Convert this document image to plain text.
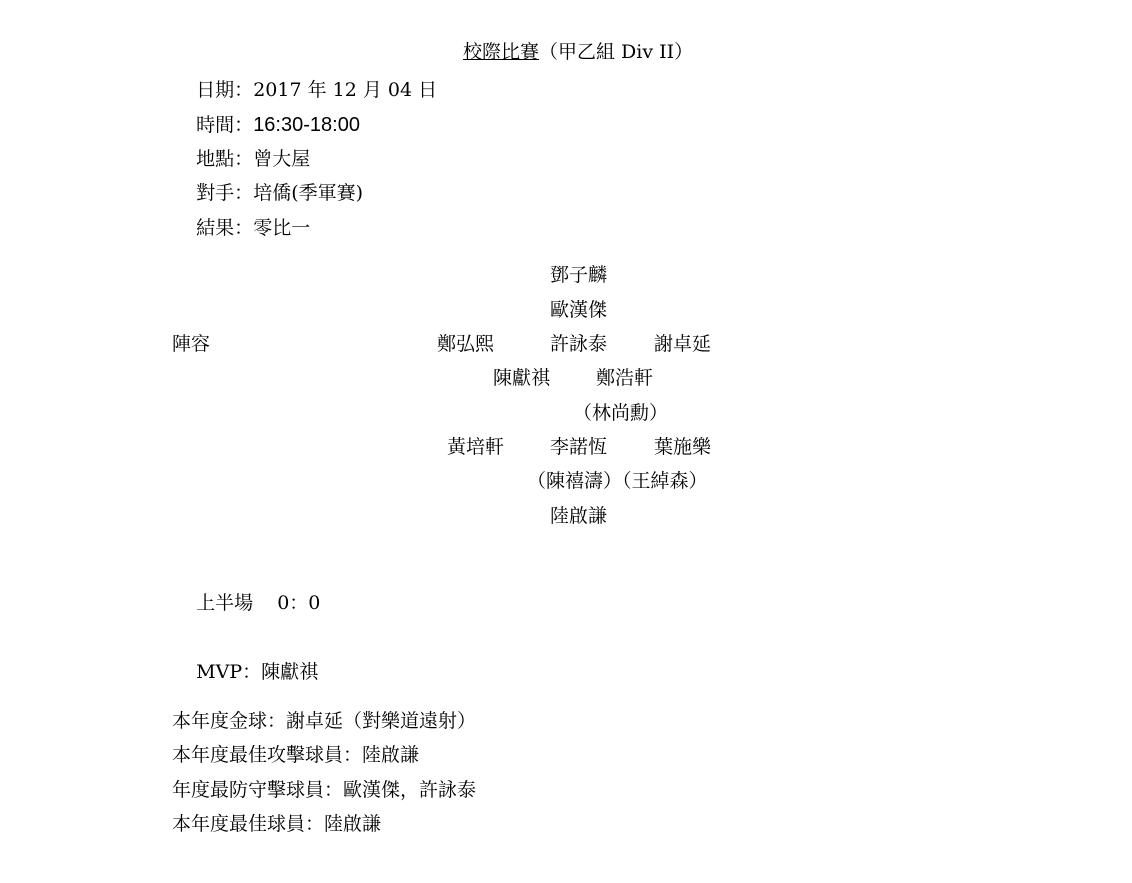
校際比賽（甲乙組 Div II）

日期：2017 年 12 月 04 日

時間：16:30-18:00

地點：曾大屋

對手：培僑(季軍賽)

結果：零比一

陣容
鄧子麟
歐漢傑
鄭弘熙	許詠泰 謝卓延
陳獻祺 鄭浩軒
（林尚勳）
黃培軒 李諾恆 葉施樂
（陳禧濤）（王綽森）
陸啟謙

上半場 0：0

MVP：陳獻祺

本年度金球：謝卓延（對樂道遠射）
本年度最佳攻擊球員：陸啟謙
年度最防守擊球員：歐漢傑，許詠泰
本年度最佳球員：陸啟謙
